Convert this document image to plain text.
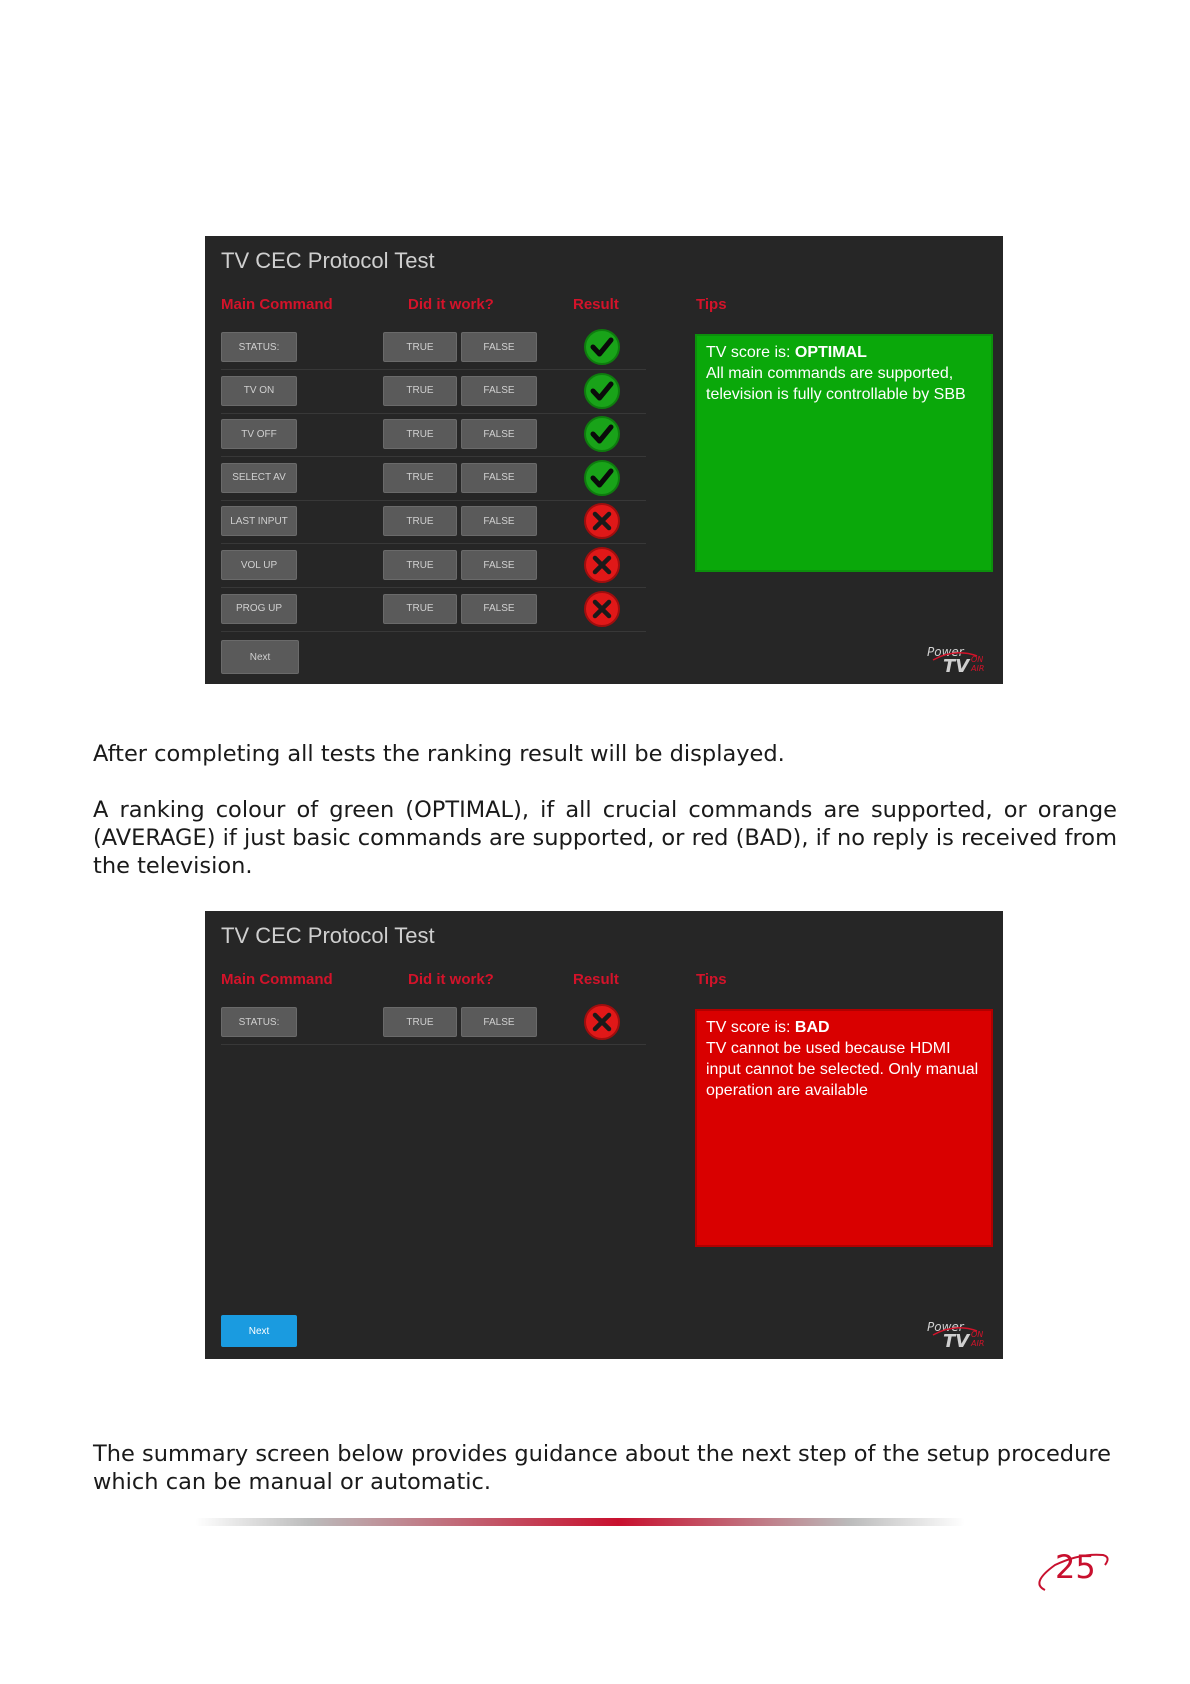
TV CEC Protocol Test
Main Command	Did it work?	Result	Tips
STATUS:	TRUE	FALSE
TV ON	TRUE	FALSE
TV OFF	TRUE	FALSE
SELECT AV	TRUE	FALSE
LAST INPUT	TRUE	FALSE
VOL UP	TRUE	FALSE
PROG UP	TRUE	FALSE
TV score is: OPTIMAL
All main commands are supported, television is fully controllable by SBB
Next	Power
TV ON
AIR
After completing all tests the ranking result will be displayed.
A ranking colour of green (OPTIMAL), if all crucial commands are supported, or orange (AVERAGE) if just basic commands are supported, or red (BAD), if no reply is received from the television.
TV CEC Protocol Test
Main Command	Did it work?	Result	Tips
STATUS:	TRUE	FALSE	TV score is: BAD
TV cannot be used because HDMI input cannot be selected. Only manual operation are available
Next	Power
TV ON
AIR
The summary screen below provides guidance about the next step of the setup procedure which can be manual or automatic.
25
